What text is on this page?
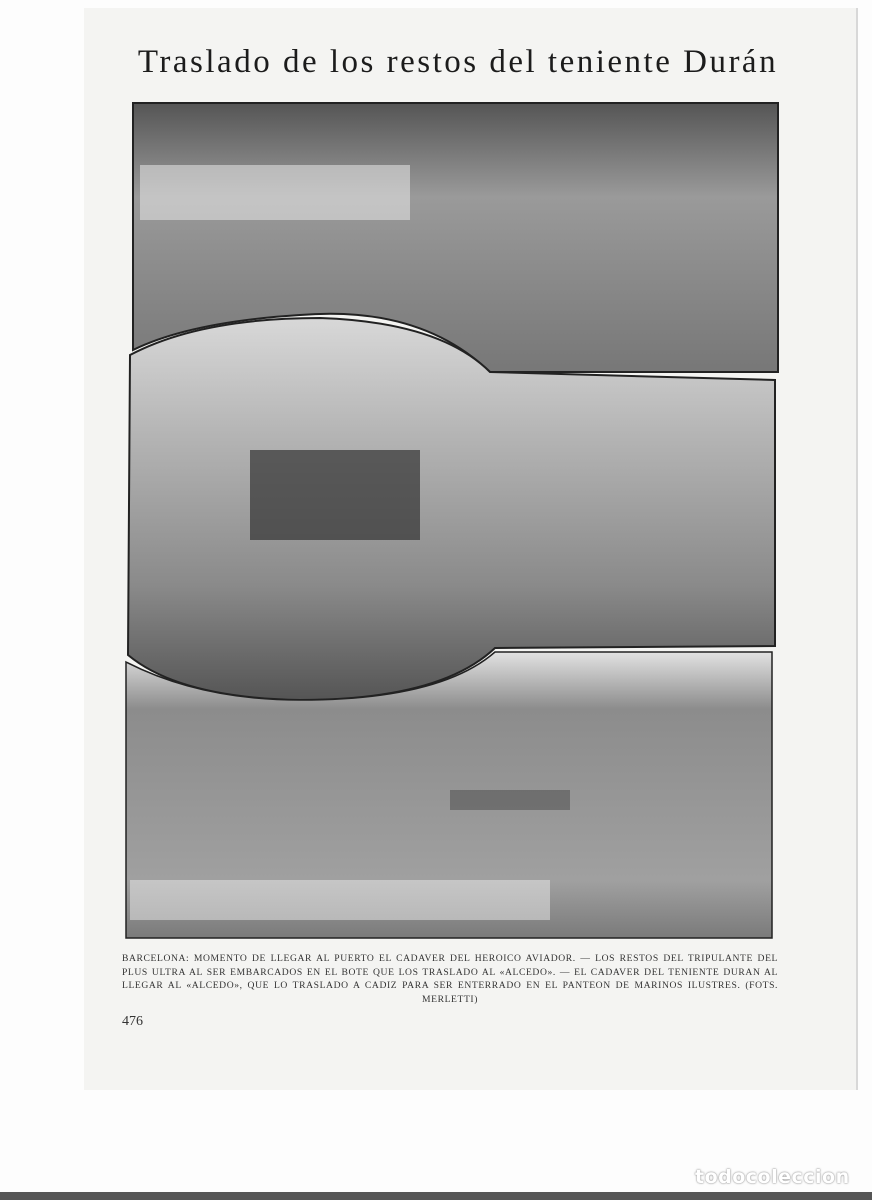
Traslado de los restos del teniente Durán
BARCELONA: MOMENTO DE LLEGAR AL PUERTO EL CADAVER DEL HEROICO AVIADOR. — LOS RESTOS DEL TRIPULANTE DEL PLUS ULTRA AL SER EMBARCADOS EN EL BOTE QUE LOS TRASLADO AL «ALCEDO». — EL CADAVER DEL TENIENTE DURAN AL LLEGAR AL «ALCEDO», QUE LO TRASLADO A CADIZ PARA SER ENTERRADO EN EL PANTEON DE MARINOS ILUSTRES. (FOTS. MERLETTI)
476
todocoleccion
